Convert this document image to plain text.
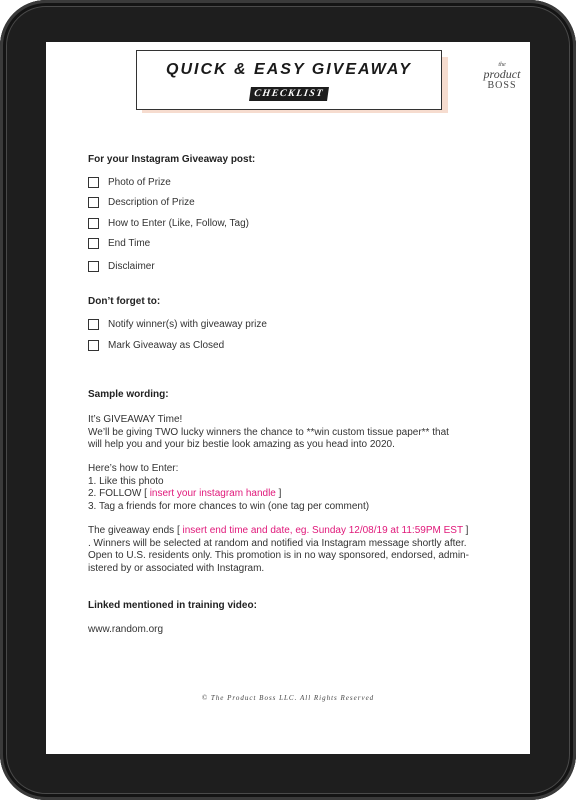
QUICK & EASY GIVEAWAY
CHECKLIST
the
product
BOSS
For your Instagram Giveaway post:
Photo of Prize
Description of Prize
How to Enter (Like, Follow, Tag)
End Time
Disclaimer
Don’t forget to:
Notify winner(s) with giveaway prize
Mark Giveaway as Closed
Sample wording:
It’s GIVEAWAY Time!
We’ll be giving TWO lucky winners the chance to **win custom tissue paper** that
will help you and your biz bestie look amazing as you head into 2020.
Here’s how to Enter:
1. Like this photo
2. FOLLOW [ insert your instagram handle ]
3. Tag a friends for more chances to win (one tag per comment)
The giveaway ends [ insert end time and date, eg. Sunday 12/08/19 at 11:59PM EST ]
. Winners will be selected at random and notified via Instagram message shortly after.
Open to U.S. residents only. This promotion is in no way sponsored, endorsed, admin-
istered by or associated with Instagram.
Linked mentioned in training video:
www.random.org
© The Product Boss LLC. All Rights Reserved
